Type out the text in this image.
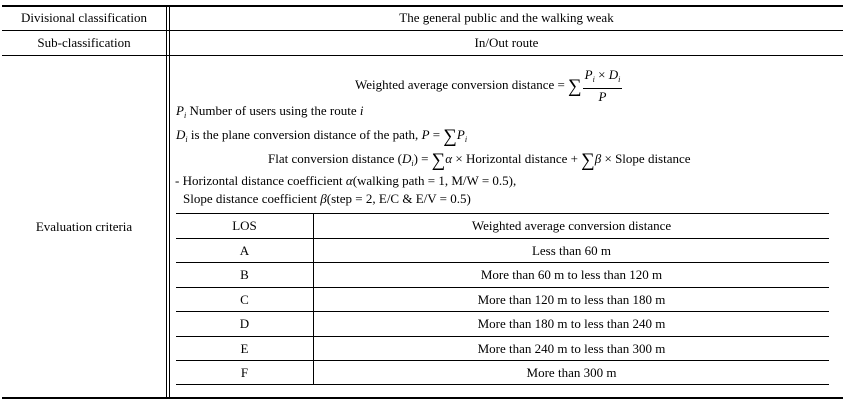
Divisional classification	The general public and the walking weak
Sub-classification	In/Out route
Evaluation criteria
Weighted average conversion distance = ∑ $\frac{P_i \times D_i}{P}$
$P_i$ Number of users using the route i
$D_i$ is the plane conversion distance of the path, $P = \sum P_i$
Flat conversion distance $(D_i) = \sum\alpha$ × Horizontal distance + ∑β × Slope distance
- Horizontal distance coefficient α(walking path = 1, M/W = 0.5),
Slope distance coefficient β(step = 2, E/C & E/V = 0.5)
LOS	Weighted average conversion distance
A	Less than 60 m
B	More than 60 m to less than 120 m
C	More than 120 m to less than 180 m
D	More than 180 m to less than 240 m
E	More than 240 m to less than 300 m
F	More than 300 m
